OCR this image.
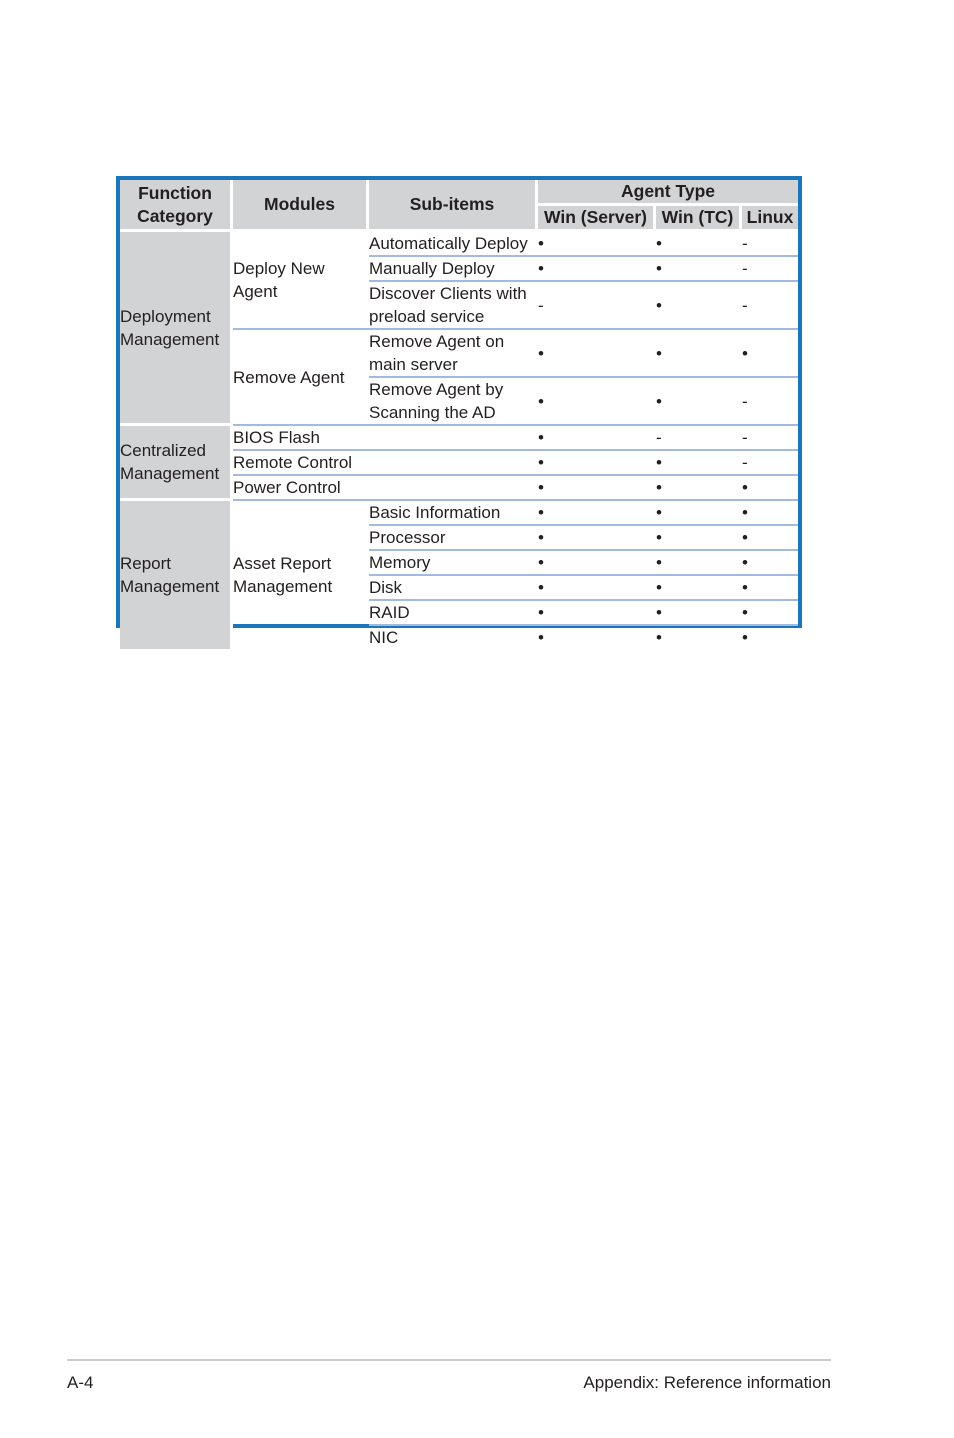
Function Category	Modules	Sub-items	Agent Type		
			Win (Server)	Win (TC)	Linux
Deployment Management	Deploy New Agent	Automatically Deploy	•	•	-
		Manually Deploy	•	•	-
		Discover Clients with preload service	-	•	-
	Remove Agent	Remove Agent on main server	•	•	•
		Remove Agent by Scanning the AD	•	•	-
Centralized Management	BIOS Flash		•	-	-
	Remote Control		•	•	-
	Power Control		•	•	•
Report Management	Asset Report Management	Basic Information	•	•	•
		Processor	•	•	•
		Memory	•	•	•
		Disk	•	•	•
		RAID	•	•	•
		NIC	•	•	•
A-4	Appendix: Reference information
